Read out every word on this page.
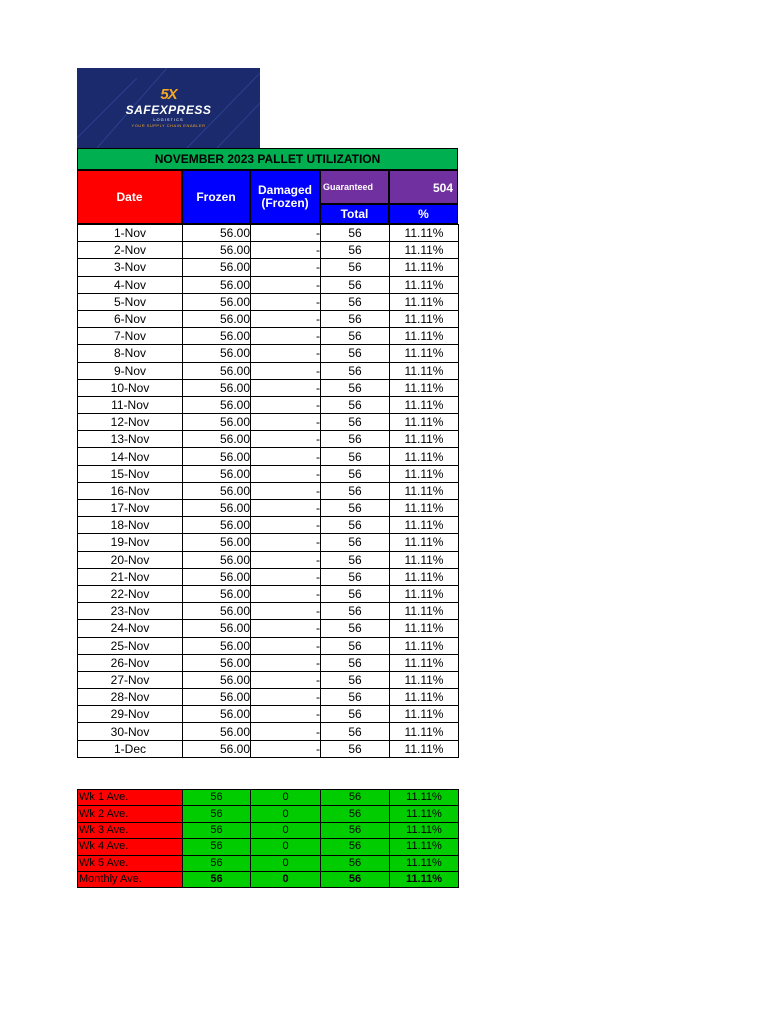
5X
SAFEXPRESS
LOGISTICS
YOUR SUPPLY CHAIN ENABLER
NOVEMBER 2023 PALLET UTILIZATION
Date	Frozen	Damaged (Frozen)
Guaranteed	504
Total	%
1-Nov	56.00	-	56	11.11%
2-Nov	56.00	-	56	11.11%
3-Nov	56.00	-	56	11.11%
4-Nov	56.00	-	56	11.11%
5-Nov	56.00	-	56	11.11%
6-Nov	56.00	-	56	11.11%
7-Nov	56.00	-	56	11.11%
8-Nov	56.00	-	56	11.11%
9-Nov	56.00	-	56	11.11%
10-Nov	56.00	-	56	11.11%
11-Nov	56.00	-	56	11.11%
12-Nov	56.00	-	56	11.11%
13-Nov	56.00	-	56	11.11%
14-Nov	56.00	-	56	11.11%
15-Nov	56.00	-	56	11.11%
16-Nov	56.00	-	56	11.11%
17-Nov	56.00	-	56	11.11%
18-Nov	56.00	-	56	11.11%
19-Nov	56.00	-	56	11.11%
20-Nov	56.00	-	56	11.11%
21-Nov	56.00	-	56	11.11%
22-Nov	56.00	-	56	11.11%
23-Nov	56.00	-	56	11.11%
24-Nov	56.00	-	56	11.11%
25-Nov	56.00	-	56	11.11%
26-Nov	56.00	-	56	11.11%
27-Nov	56.00	-	56	11.11%
28-Nov	56.00	-	56	11.11%
29-Nov	56.00	-	56	11.11%
30-Nov	56.00	-	56	11.11%
1-Dec	56.00	-	56	11.11%
Wk 1 Ave.	56	0	56	11.11%
Wk 2 Ave.	56	0	56	11.11%
Wk 3 Ave.	56	0	56	11.11%
Wk 4 Ave.	56	0	56	11.11%
Wk 5 Ave.	56	0	56	11.11%
Monthly Ave.	56	0	56	11.11%
